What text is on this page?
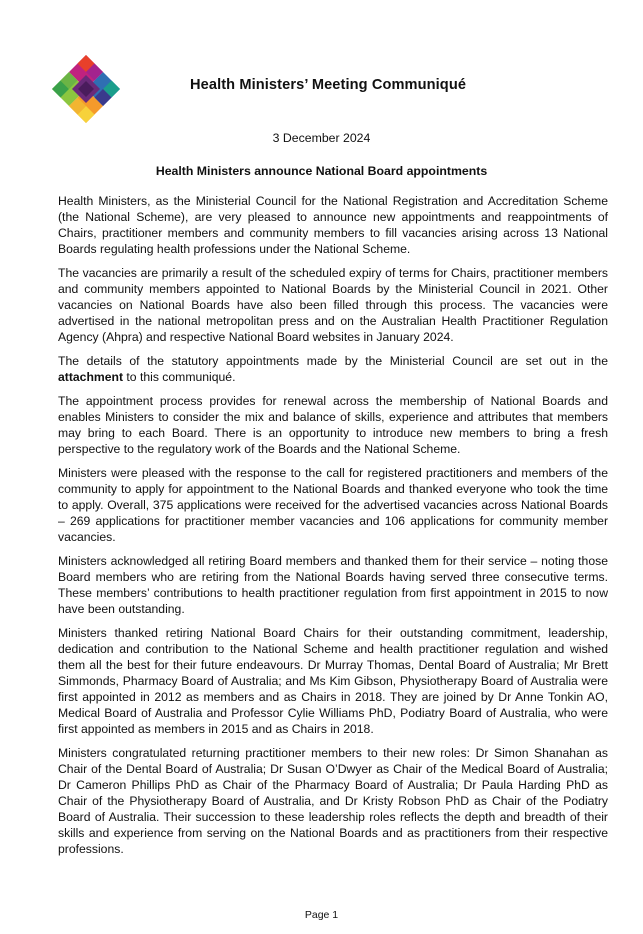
Health Ministers’ Meeting Communiqué
3 December 2024
Health Ministers announce National Board appointments

Health Ministers, as the Ministerial Council for the National Registration and Accreditation Scheme (the National Scheme), are very pleased to announce new appointments and reappointments of Chairs, practitioner members and community members to fill vacancies arising across 13 National Boards regulating health professions under the National Scheme.

The vacancies are primarily a result of the scheduled expiry of terms for Chairs, practitioner members and community members appointed to National Boards by the Ministerial Council in 2021. Other vacancies on National Boards have also been filled through this process. The vacancies were advertised in the national metropolitan press and on the Australian Health Practitioner Regulation Agency (Ahpra) and respective National Board websites in January 2024.

The details of the statutory appointments made by the Ministerial Council are set out in the attachment to this communiqué.

The appointment process provides for renewal across the membership of National Boards and enables Ministers to consider the mix and balance of skills, experience and attributes that members may bring to each Board. There is an opportunity to introduce new members to bring a fresh perspective to the regulatory work of the Boards and the National Scheme.

Ministers were pleased with the response to the call for registered practitioners and members of the community to apply for appointment to the National Boards and thanked everyone who took the time to apply. Overall, 375 applications were received for the advertised vacancies across National Boards – 269 applications for practitioner member vacancies and 106 applications for community member vacancies.

Ministers acknowledged all retiring Board members and thanked them for their service – noting those Board members who are retiring from the National Boards having served three consecutive terms. These members’ contributions to health practitioner regulation from first appointment in 2015 to now have been outstanding.

Ministers thanked retiring National Board Chairs for their outstanding commitment, leadership, dedication and contribution to the National Scheme and health practitioner regulation and wished them all the best for their future endeavours. Dr Murray Thomas, Dental Board of Australia; Mr Brett Simmonds, Pharmacy Board of Australia; and Ms Kim Gibson, Physiotherapy Board of Australia were first appointed in 2012 as members and as Chairs in 2018. They are joined by Dr Anne Tonkin AO, Medical Board of Australia and Professor Cylie Williams PhD, Podiatry Board of Australia, who were first appointed as members in 2015 and as Chairs in 2018.

Ministers congratulated returning practitioner members to their new roles: Dr Simon Shanahan as Chair of the Dental Board of Australia; Dr Susan O’Dwyer as Chair of the Medical Board of Australia; Dr Cameron Phillips PhD as Chair of the Pharmacy Board of Australia; Dr Paula Harding PhD as Chair of the Physiotherapy Board of Australia, and Dr Kristy Robson PhD as Chair of the Podiatry Board of Australia. Their succession to these leadership roles reflects the depth and breadth of their skills and experience from serving on the National Boards and as practitioners from their respective professions.

Page 1
